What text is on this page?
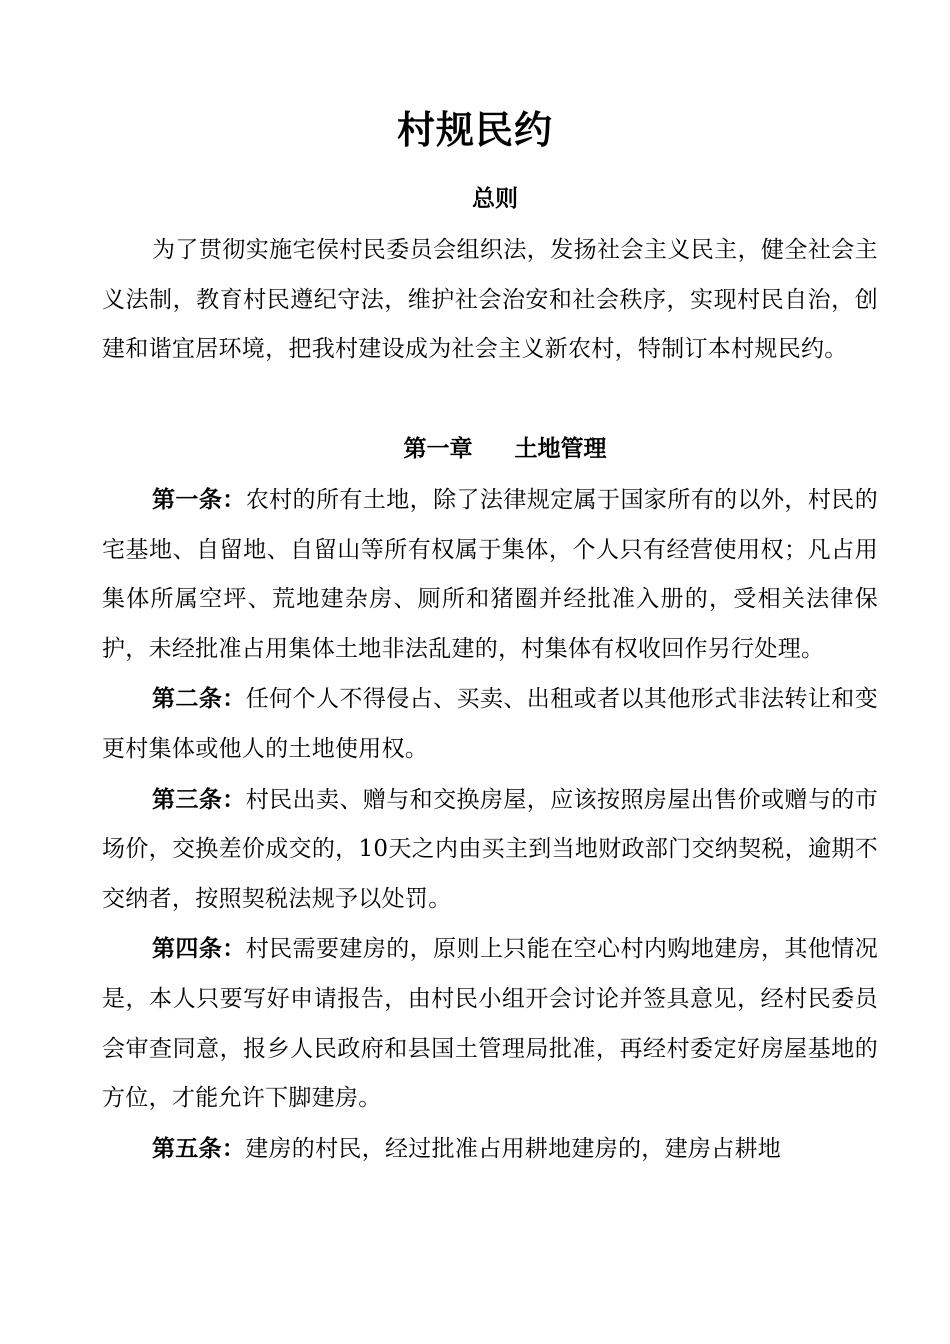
村规民约
总则

为了贯彻实施宅侯村民委员会组织法，发扬社会主义民主，健全社会主义法制，教育村民遵纪守法，维护社会治安和社会秩序，实现村民自治，创建和谐宜居环境，把我村建设成为社会主义新农村，特制订本村规民约。

第一章 土地管理

第一条：农村的所有土地，除了法律规定属于国家所有的以外，村民的宅基地、自留地、自留山等所有权属于集体，个人只有经营使用权；凡占用集体所属空坪、荒地建杂房、厕所和猪圈并经批准入册的，受相关法律保护，未经批准占用集体土地非法乱建的，村集体有权收回作另行处理。

第二条：任何个人不得侵占、买卖、出租或者以其他形式非法转让和变更村集体或他人的土地使用权。

第三条：村民出卖、赠与和交换房屋，应该按照房屋出售价或赠与的市场价，交换差价成交的，10天之内由买主到当地财政部门交纳契税，逾期不交纳者，按照契税法规予以处罚。

第四条：村民需要建房的，原则上只能在空心村内购地建房，其他情况是，本人只要写好申请报告，由村民小组开会讨论并签具意见，经村民委员会审查同意，报乡人民政府和县国土管理局批准，再经村委定好房屋基地的方位，才能允许下脚建房。

第五条：建房的村民，经过批准占用耕地建房的，建房占耕地
